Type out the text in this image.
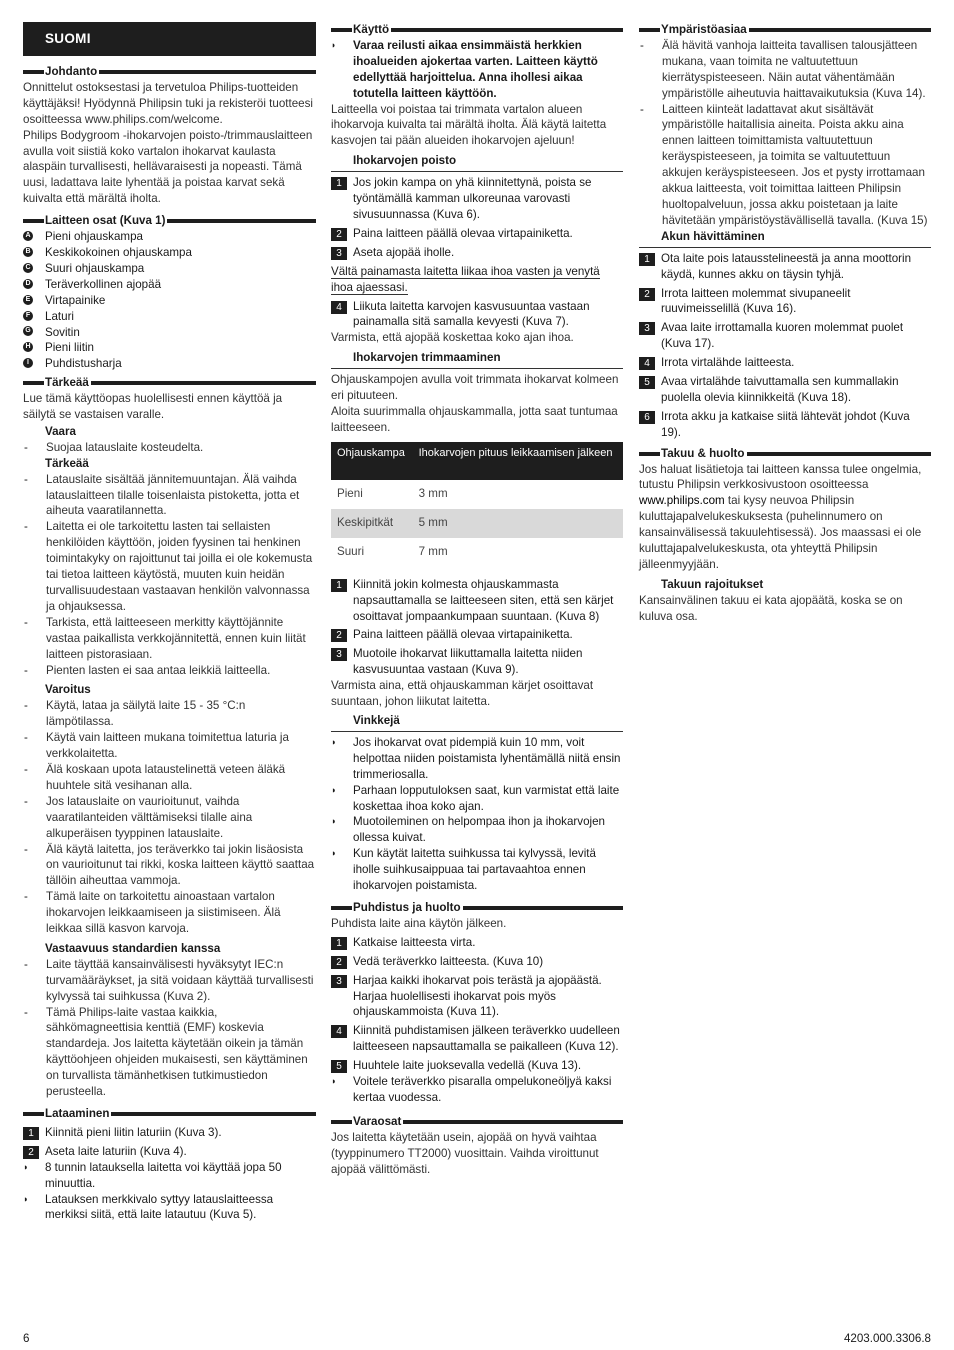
SUOMI
Johdanto

Onnittelut ostoksestasi ja tervetuloa Philips-tuotteiden käyttäjäksi! Hyödynnä Philipsin tuki ja rekisteröi tuotteesi osoitteessa www.philips.com/welcome.

Philips Bodygroom -ihokarvojen poisto-/trimmauslaitteen avulla voit siistiä koko vartalon ihokarvat kaulasta alaspäin turvallisesti, hellävaraisesti ja nopeasti. Tämä uusi, ladattava laite lyhentää ja poistaa karvat sekä kuivalta että märältä iholta.

Laitteen osat (Kuva 1)
A	Pieni ohjauskampa
B	Keskikokoinen ohjauskampa
C	Suuri ohjauskampa
D	Teräverkollinen ajopää
E	Virtapainike
F	Laturi
G	Sovitin
H	Pieni liitin
I	Puhdistusharja
Tärkeää

Lue tämä käyttöopas huolellisesti ennen käyttöä ja säilytä se vastaisen varalle.

Vaara
-	Suojaa latauslaite kosteudelta.
Tärkeää
-	Latauslaite sisältää jännitemuuntajan. Älä vaihda latauslaitteen tilalle toisenlaista pistoketta, jotta et aiheuta vaaratilannetta.
-	Laitetta ei ole tarkoitettu lasten tai sellaisten henkilöiden käyttöön, joiden fyysinen tai henkinen toimintakyky on rajoittunut tai joilla ei ole kokemusta tai tietoa laitteen käytöstä, muuten kuin heidän turvallisuudestaan vastaavan henkilön valvonnassa ja ohjauksessa.
-	Tarkista, että laitteeseen merkitty käyttöjännite vastaa paikallista verkkojännitettä, ennen kuin liität laitteen pistorasiaan.
-	Pienten lasten ei saa antaa leikkiä laitteella.
Varoitus
-	Käytä, lataa ja säilytä laite 15 - 35 °C:n lämpötilassa.
-	Käytä vain laitteen mukana toimitettua laturia ja verkkolaitetta.
-	Älä koskaan upota lataustelinettä veteen äläkä huuhtele sitä vesihanan alla.
-	Jos latauslaite on vaurioitunut, vaihda vaaratilanteiden välttämiseksi tilalle aina alkuperäisen tyyppinen latauslaite.
-	Älä käytä laitetta, jos teräverkko tai jokin lisäosista on vaurioitunut tai rikki, koska laitteen käyttö saattaa tällöin aiheuttaa vammoja.
-	Tämä laite on tarkoitettu ainoastaan vartalon ihokarvojen leikkaamiseen ja siistimiseen. Älä leikkaa sillä kasvon karvoja.
Vastaavuus standardien kanssa
-	Laite täyttää kansainvälisesti hyväksytyt IEC:n turvamääräykset, ja sitä voidaan käyttää turvallisesti kylvyssä tai suihkussa (Kuva 2).
-	Tämä Philips-laite vastaa kaikkia, sähkömagneettisia kenttiä (EMF) koskevia standardeja. Jos laitetta käytetään oikein ja tämän käyttöohjeen ohjeiden mukaisesti, sen käyttäminen on turvallista tämänhetkisen tutkimustiedon perusteella.
Lataaminen
1 Kiinnitä pieni liitin laturiin (Kuva 3).
2 Aseta laite laturiin (Kuva 4).
◗	8 tunnin latauksella laitetta voi käyttää jopa 50 minuuttia.
◗	Latauksen merkkivalo syttyy latauslaitteessa merkiksi siitä, että laite latautuu (Kuva 5).
Käyttö
◗	Varaa reilusti aikaa ensimmäistä herkkien ihoalueiden ajokertaa varten. Laitteen käyttö edellyttää harjoittelua. Anna ihollesi aikaa totutella laitteen käyttöön.

Laitteella voi poistaa tai trimmata vartalon alueen ihokarvoja kuivalta tai märältä iholta. Älä käytä laitetta kasvojen tai pään alueiden ihokarvojen ajeluun!

Ihokarvojen poisto
1 Jos jokin kampa on yhä kiinnitettynä, poista se työntämällä kamman ulkoreunaa varovasti sivusuunnassa (Kuva 6).
2 Paina laitteen päällä olevaa virtapainiketta.
3 Aseta ajopää iholle.
Vältä painamasta laitetta liikaa ihoa vasten ja venytä ihoa ajaessasi.
4 Liikuta laitetta karvojen kasvusuuntaa vastaan painamalla sitä samalla kevyesti (Kuva 7).

Varmista, että ajopää koskettaa koko ajan ihoa.

Ihokarvojen trimmaaminen

Ohjauskampojen avulla voit trimmata ihokarvat kolmeen eri pituuteen.

Aloita suurimmalla ohjauskammalla, jotta saat tuntumaa laitteeseen.

Ohjauskampa	Ihokarvojen pituus leikkaamisen jälkeen
Pieni	3 mm
Keskipitkät	5 mm
Suuri	7 mm
1 Kiinnitä jokin kolmesta ohjauskammasta napsauttamalla se laitteeseen siten, että sen kärjet osoittavat jompaankumpaan suuntaan. (Kuva 8)
2 Paina laitteen päällä olevaa virtapainiketta.
3 Muotoile ihokarvat liikuttamalla laitetta niiden kasvusuuntaa vastaan (Kuva 9).

Varmista aina, että ohjauskamman kärjet osoittavat suuntaan, johon liikutat laitetta.

Vinkkejä
◗	Jos ihokarvat ovat pidempiä kuin 10 mm, voit helpottaa niiden poistamista lyhentämällä niitä ensin trimmeriosalla.
◗	Parhaan lopputuloksen saat, kun varmistat että laite koskettaa ihoa koko ajan.
◗	Muotoileminen on helpompaa ihon ja ihokarvojen ollessa kuivat.
◗	Kun käytät laitetta suihkussa tai kylvyssä, levitä iholle suihkusaippuaa tai partavaahtoa ennen ihokarvojen poistamista.
Puhdistus ja huolto

Puhdista laite aina käytön jälkeen.

1 Katkaise laitteesta virta.
2 Vedä teräverkko laitteesta. (Kuva 10)
3 Harjaa kaikki ihokarvat pois terästä ja ajopäästä. Harjaa huolellisesti ihokarvat pois myös ohjauskammoista (Kuva 11).
4 Kiinnitä puhdistamisen jälkeen teräverkko uudelleen laitteeseen napsauttamalla se paikalleen (Kuva 12).
5 Huuhtele laite juoksevalla vedellä (Kuva 13).
◗	Voitele teräverkko pisaralla ompelukoneöljyä kaksi kertaa vuodessa.
Varaosat

Jos laitetta käytetään usein, ajopää on hyvä vaihtaa (tyyppinumero TT2000) vuosittain. Vaihda viroittunut ajopää välittömästi.

Ympäristöasiaa
-	Älä hävitä vanhoja laitteita tavallisen talousjätteen mukana, vaan toimita ne valtuutettuun kierrätyspisteeseen. Näin autat vähentämään ympäristölle aiheutuvia haittavaikutuksia (Kuva 14).
-	Laitteen kiinteät ladattavat akut sisältävät ympäristölle haitallisia aineita. Poista akku aina ennen laitteen toimittamista valtuutettuun keräyspisteeseen, ja toimita se valtuutettuun akkujen keräyspisteeseen. Jos et pysty irrottamaan akkua laitteesta, voit toimittaa laitteen Philipsin huoltopalveluun, jossa akku poistetaan ja laite hävitetään ympäristöystävällisellä tavalla. (Kuva 15)
Akun hävittäminen
1 Ota laite pois latausstelineestä ja anna moottorin käydä, kunnes akku on täysin tyhjä.
2 Irrota laitteen molemmat sivupaneelit ruuvimeisselillä (Kuva 16).
3 Avaa laite irrottamalla kuoren molemmat puolet (Kuva 17).
4 Irrota virtalähde laitteesta.
5 Avaa virtalähde taivuttamalla sen kummallakin puolella olevia kiinnikkeitä (Kuva 18).
6 Irrota akku ja katkaise siitä lähtevät johdot (Kuva 19).
Takuu & huolto

Jos haluat lisätietoja tai laitteen kanssa tulee ongelmia, tutustu Philipsin verkkosivustoon osoitteessa www.philips.com tai kysy neuvoa Philipsin kuluttajapalvelukeskuksesta (puhelinnumero on kansainvälisessä takuulehtisessä). Jos maassasi ei ole kuluttajapalvelukeskusta, ota yhteyttä Philipsin jälleenmyyjään.

Takuun rajoitukset

Kansainvälinen takuu ei kata ajopäätä, koska se on kuluva osa.

6	4203.000.3306.8
